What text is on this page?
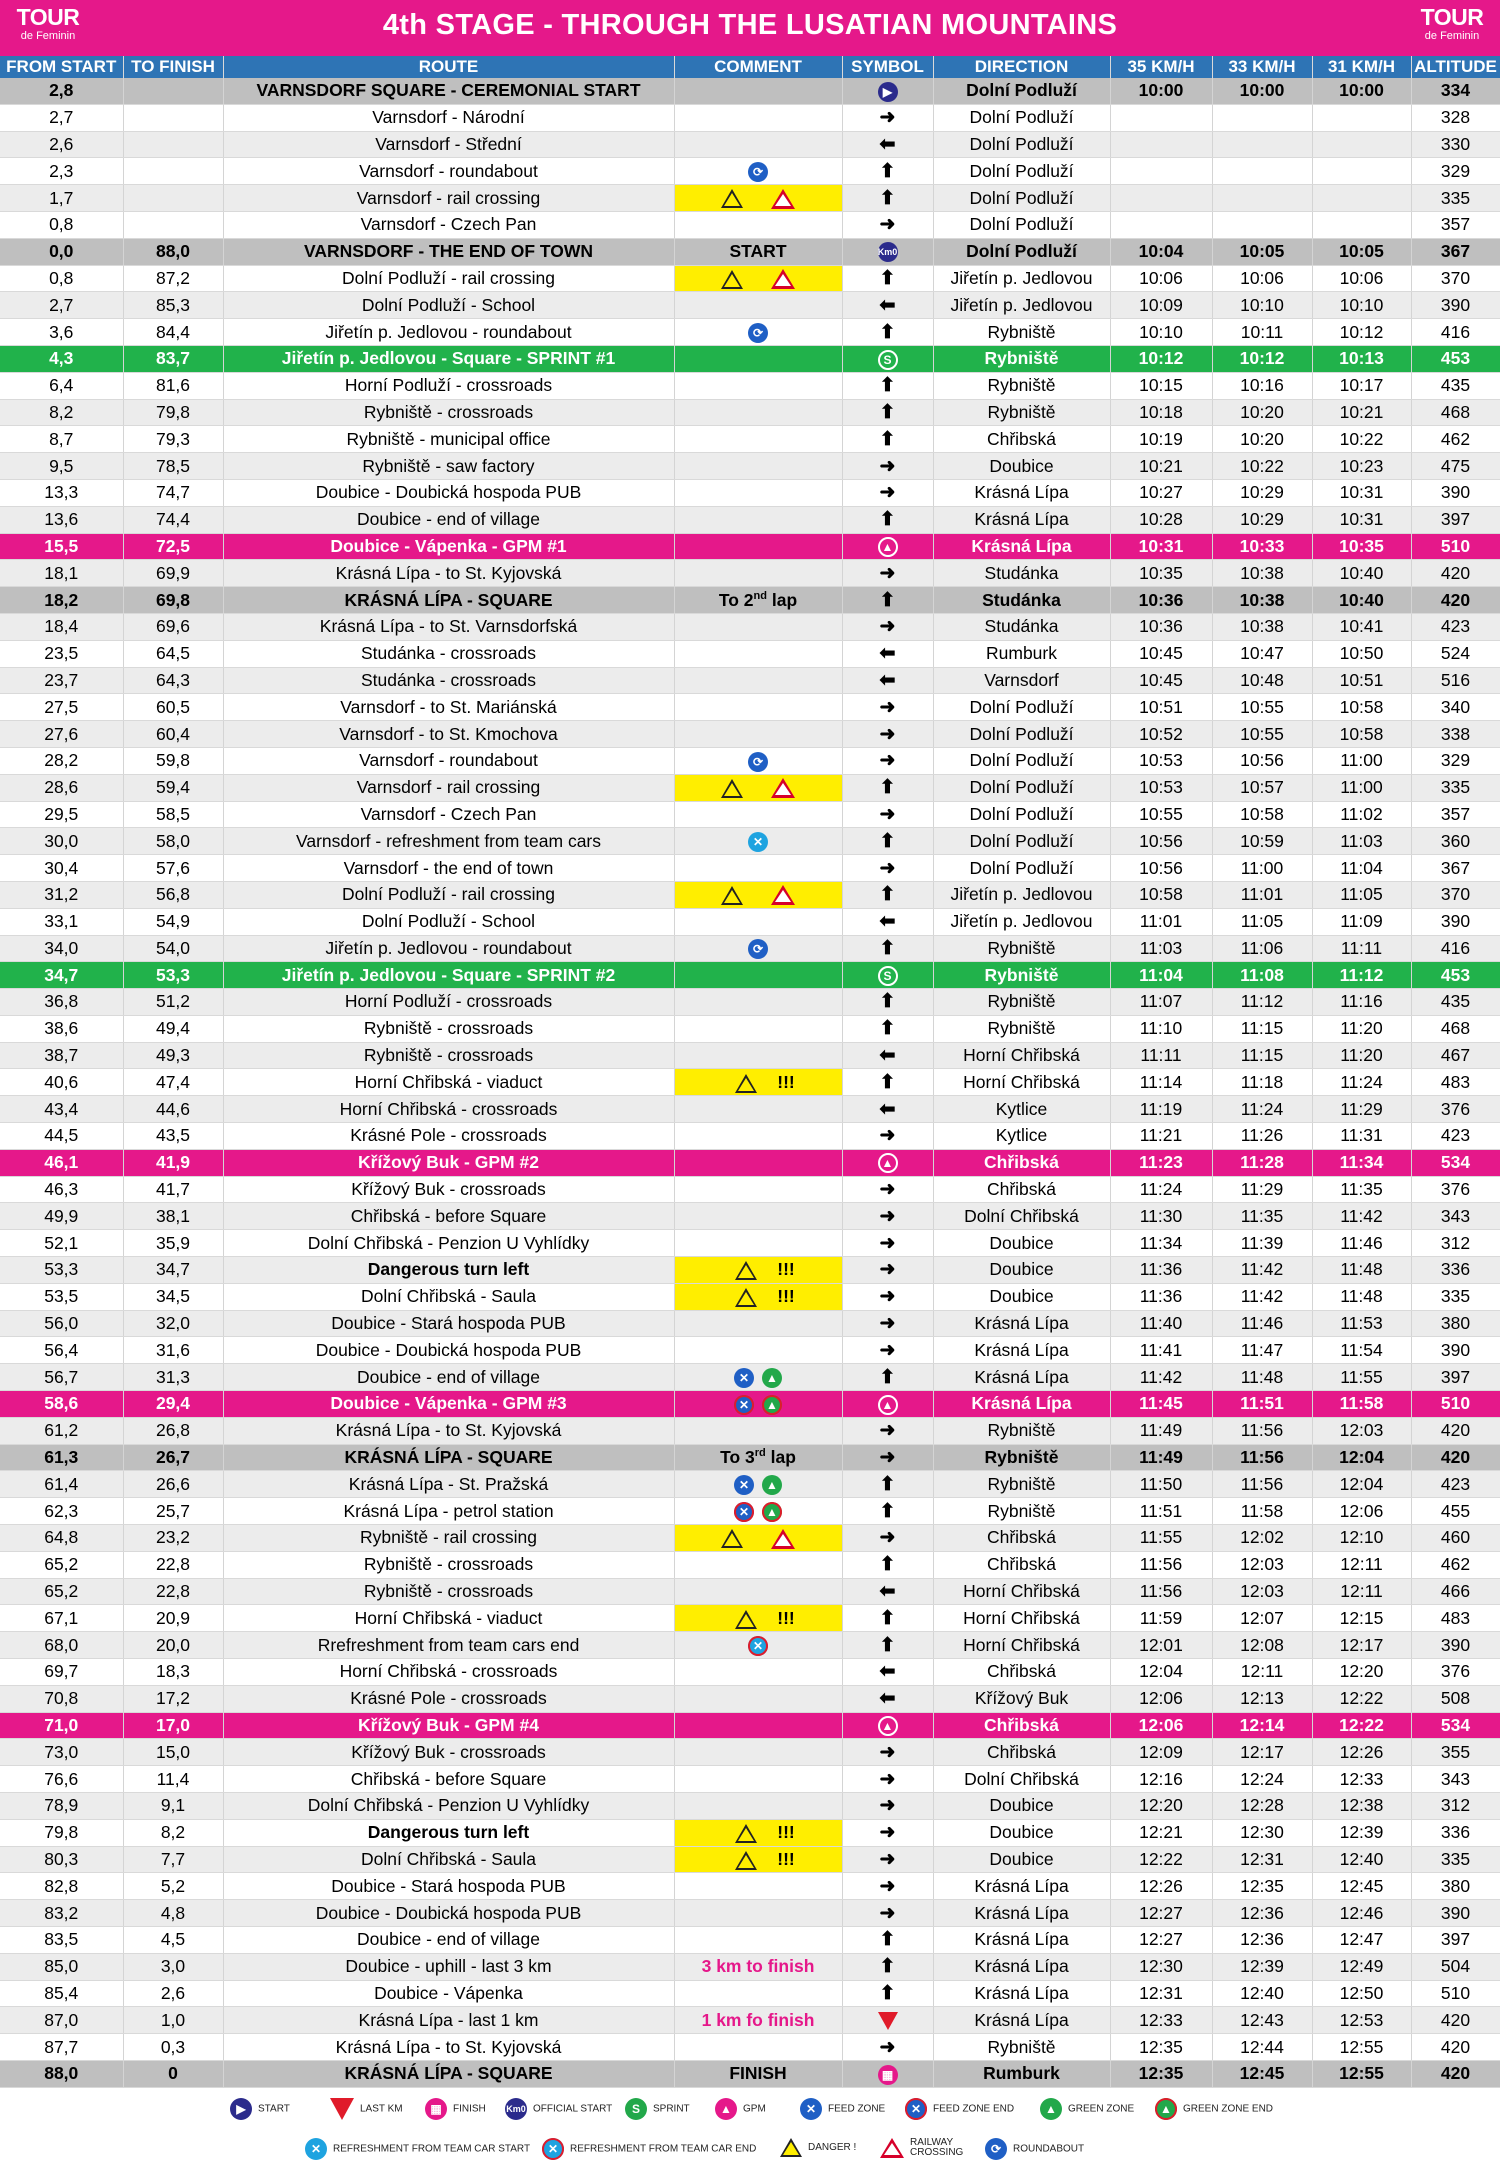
TOUR
de Feminin	4th STAGE - THROUGH THE LUSATIAN MOUNTAINS	TOUR
de Feminin
FROM START	TO FINISH	ROUTE	COMMENT	SYMBOL	DIRECTION	35 KM/H	33 KM/H	31 KM/H	ALTITUDE
2,8		VARNSDORF SQUARE - CEREMONIAL START		▶	Dolní Podluží	10:00	10:00	10:00	334
2,7		Varnsdorf - Národní		➜	Dolní Podluží				328
2,6		Varnsdorf - Střední		⬅	Dolní Podluží				330
2,3		Varnsdorf - roundabout	⟳	⬆	Dolní Podluží				329
1,7		Varnsdorf - rail crossing		⬆	Dolní Podluží				335
0,8		Varnsdorf - Czech Pan		➜	Dolní Podluží				357
0,0	88,0	VARNSDORF - THE END OF TOWN	START	Km0	Dolní Podluží	10:04	10:05	10:05	367
0,8	87,2	Dolní Podluží - rail crossing		⬆	Jiřetín p. Jedlovou	10:06	10:06	10:06	370
2,7	85,3	Dolní Podluží - School		⬅	Jiřetín p. Jedlovou	10:09	10:10	10:10	390
3,6	84,4	Jiřetín p. Jedlovou - roundabout	⟳	⬆	Rybniště	10:10	10:11	10:12	416
4,3	83,7	Jiřetín p. Jedlovou - Square - SPRINT #1		S	Rybniště	10:12	10:12	10:13	453
6,4	81,6	Horní Podluží - crossroads		⬆	Rybniště	10:15	10:16	10:17	435
8,2	79,8	Rybniště - crossroads		⬆	Rybniště	10:18	10:20	10:21	468
8,7	79,3	Rybniště - municipal office		⬆	Chřibská	10:19	10:20	10:22	462
9,5	78,5	Rybniště - saw factory		➜	Doubice	10:21	10:22	10:23	475
13,3	74,7	Doubice - Doubická hospoda PUB		➜	Krásná Lípa	10:27	10:29	10:31	390
13,6	74,4	Doubice - end of village		⬆	Krásná Lípa	10:28	10:29	10:31	397
15,5	72,5	Doubice - Vápenka - GPM #1		▲	Krásná Lípa	10:31	10:33	10:35	510
18,1	69,9	Krásná Lípa - to St. Kyjovská		➜	Studánka	10:35	10:38	10:40	420
18,2	69,8	KRÁSNÁ LÍPA - SQUARE	To 2nd lap	⬆	Studánka	10:36	10:38	10:40	420
18,4	69,6	Krásná Lípa - to St. Varnsdorfská		➜	Studánka	10:36	10:38	10:41	423
23,5	64,5	Studánka - crossroads		⬅	Rumburk	10:45	10:47	10:50	524
23,7	64,3	Studánka - crossroads		⬅	Varnsdorf	10:45	10:48	10:51	516
27,5	60,5	Varnsdorf - to St. Mariánská		➜	Dolní Podluží	10:51	10:55	10:58	340
27,6	60,4	Varnsdorf - to St. Kmochova		➜	Dolní Podluží	10:52	10:55	10:58	338
28,2	59,8	Varnsdorf - roundabout	⟳	➜	Dolní Podluží	10:53	10:56	11:00	329
28,6	59,4	Varnsdorf - rail crossing		⬆	Dolní Podluží	10:53	10:57	11:00	335
29,5	58,5	Varnsdorf - Czech Pan		➜	Dolní Podluží	10:55	10:58	11:02	357
30,0	58,0	Varnsdorf - refreshment from team cars	✕	⬆	Dolní Podluží	10:56	10:59	11:03	360
30,4	57,6	Varnsdorf - the end of town		➜	Dolní Podluží	10:56	11:00	11:04	367
31,2	56,8	Dolní Podluží - rail crossing		⬆	Jiřetín p. Jedlovou	10:58	11:01	11:05	370
33,1	54,9	Dolní Podluží - School		⬅	Jiřetín p. Jedlovou	11:01	11:05	11:09	390
34,0	54,0	Jiřetín p. Jedlovou - roundabout	⟳	⬆	Rybniště	11:03	11:06	11:11	416
34,7	53,3	Jiřetín p. Jedlovou - Square - SPRINT #2		S	Rybniště	11:04	11:08	11:12	453
36,8	51,2	Horní Podluží - crossroads		⬆	Rybniště	11:07	11:12	11:16	435
38,6	49,4	Rybniště - crossroads		⬆	Rybniště	11:10	11:15	11:20	468
38,7	49,3	Rybniště - crossroads		⬅	Horní Chřibská	11:11	11:15	11:20	467
40,6	47,4	Horní Chřibská - viaduct	!!!	⬆	Horní Chřibská	11:14	11:18	11:24	483
43,4	44,6	Horní Chřibská - crossroads		⬅	Kytlice	11:19	11:24	11:29	376
44,5	43,5	Krásné Pole - crossroads		➜	Kytlice	11:21	11:26	11:31	423
46,1	41,9	Křížový Buk - GPM #2		▲	Chřibská	11:23	11:28	11:34	534
46,3	41,7	Křížový Buk - crossroads		➜	Chřibská	11:24	11:29	11:35	376
49,9	38,1	Chřibská - before Square		➜	Dolní Chřibská	11:30	11:35	11:42	343
52,1	35,9	Dolní Chřibská - Penzion U Vyhlídky		➜	Doubice	11:34	11:39	11:46	312
53,3	34,7	Dangerous turn left	!!!	➜	Doubice	11:36	11:42	11:48	336
53,5	34,5	Dolní Chřibská - Saula	!!!	➜	Doubice	11:36	11:42	11:48	335
56,0	32,0	Doubice - Stará hospoda PUB		➜	Krásná Lípa	11:40	11:46	11:53	380
56,4	31,6	Doubice - Doubická hospoda PUB		➜	Krásná Lípa	11:41	11:47	11:54	390
56,7	31,3	Doubice - end of village	✕ ▲	⬆	Krásná Lípa	11:42	11:48	11:55	397
58,6	29,4	Doubice - Vápenka - GPM #3	✕ ▲	▲	Krásná Lípa	11:45	11:51	11:58	510
61,2	26,8	Krásná Lípa - to St. Kyjovská		➜	Rybniště	11:49	11:56	12:03	420
61,3	26,7	KRÁSNÁ LÍPA - SQUARE	To 3rd lap	➜	Rybniště	11:49	11:56	12:04	420
61,4	26,6	Krásná Lípa - St. Pražská	✕ ▲	⬆	Rybniště	11:50	11:56	12:04	423
62,3	25,7	Krásná Lípa - petrol station	✕ ▲	⬆	Rybniště	11:51	11:58	12:06	455
64,8	23,2	Rybniště - rail crossing		➜	Chřibská	11:55	12:02	12:10	460
65,2	22,8	Rybniště - crossroads		⬆	Chřibská	11:56	12:03	12:11	462
65,2	22,8	Rybniště - crossroads		⬅	Horní Chřibská	11:56	12:03	12:11	466
67,1	20,9	Horní Chřibská - viaduct	!!!	⬆	Horní Chřibská	11:59	12:07	12:15	483
68,0	20,0	Rrefreshment from team cars end	✕	⬆	Horní Chřibská	12:01	12:08	12:17	390
69,7	18,3	Horní Chřibská - crossroads		⬅	Chřibská	12:04	12:11	12:20	376
70,8	17,2	Krásné Pole - crossroads		⬅	Křížový Buk	12:06	12:13	12:22	508
71,0	17,0	Křížový Buk - GPM #4		▲	Chřibská	12:06	12:14	12:22	534
73,0	15,0	Křížový Buk - crossroads		➜	Chřibská	12:09	12:17	12:26	355
76,6	11,4	Chřibská - before Square		➜	Dolní Chřibská	12:16	12:24	12:33	343
78,9	9,1	Dolní Chřibská - Penzion U Vyhlídky		➜	Doubice	12:20	12:28	12:38	312
79,8	8,2	Dangerous turn left	!!!	➜	Doubice	12:21	12:30	12:39	336
80,3	7,7	Dolní Chřibská - Saula	!!!	➜	Doubice	12:22	12:31	12:40	335
82,8	5,2	Doubice - Stará hospoda PUB		➜	Krásná Lípa	12:26	12:35	12:45	380
83,2	4,8	Doubice - Doubická hospoda PUB		➜	Krásná Lípa	12:27	12:36	12:46	390
83,5	4,5	Doubice - end of village		⬆	Krásná Lípa	12:27	12:36	12:47	397
85,0	3,0	Doubice - uphill - last 3 km	3 km to finish	⬆	Krásná Lípa	12:30	12:39	12:49	504
85,4	2,6	Doubice - Vápenka		⬆	Krásná Lípa	12:31	12:40	12:50	510
87,0	1,0	Krásná Lípa - last 1 km	1 km fo finish		Krásná Lípa	12:33	12:43	12:53	420
87,7	0,3	Krásná Lípa - to St. Kyjovská		➜	Rybniště	12:35	12:44	12:55	420
88,0	0	KRÁSNÁ LÍPA - SQUARE	FINISH	▦	Rumburk	12:35	12:45	12:55	420
▶ START	LAST KM	▦ FINISH Km0 OFFICIAL START	S SPRINT	▲ GPM	✕ FEED ZONE	✕ FEED ZONE END	▲ GREEN ZONE	▲ GREEN ZONE END
✕ REFRESHMENT FROM TEAM CAR START	✕ REFRESHMENT FROM TEAM CAR END	DANGER !	RAILWAY CROSSING	⟳ ROUNDABOUT
